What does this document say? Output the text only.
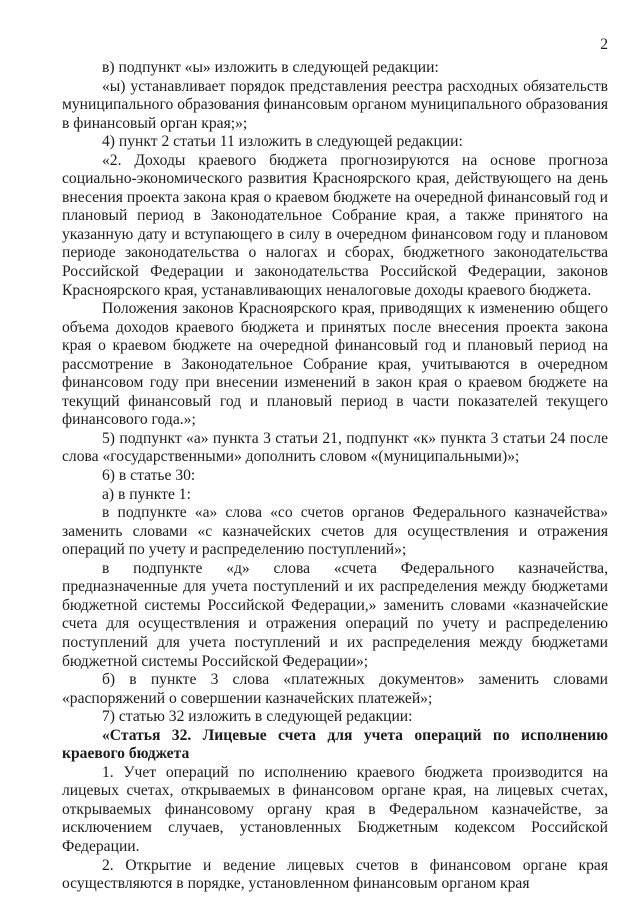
2

в) подпункт «ы» изложить в следующей редакции:

«ы) устанавливает порядок представления реестра расходных обязательств муниципального образования финансовым органом муниципального образования в финансовый орган края;»;

4) пункт 2 статьи 11 изложить в следующей редакции:

«2. Доходы краевого бюджета прогнозируются на основе прогноза социально-экономического развития Красноярского края, действующего на день внесения проекта закона края о краевом бюджете на очередной финансовый год и плановый период в Законодательное Собрание края, а также принятого на указанную дату и вступающего в силу в очередном финансовом году и плановом периоде законодательства о налогах и сборах, бюджетного законодательства Российской Федерации и законодательства Российской Федерации, законов Красноярского края, устанавливающих неналоговые доходы краевого бюджета.

Положения законов Красноярского края, приводящих к изменению общего объема доходов краевого бюджета и принятых после внесения проекта закона края о краевом бюджете на очередной финансовый год и плановый период на рассмотрение в Законодательное Собрание края, учитываются в очередном финансовом году при внесении изменений в закон края о краевом бюджете на текущий финансовый год и плановый период в части показателей текущего финансового года.»;

5) подпункт «а» пункта 3 статьи 21, подпункт «к» пункта 3 статьи 24 после слова «государственными» дополнить словом «(муниципальными)»;

6) в статье 30:

а) в пункте 1:

в подпункте «а» слова «со счетов органов Федерального казначейства» заменить словами «с казначейских счетов для осуществления и отражения операций по учету и распределению поступлений»;

в подпункте «д» слова «счета Федерального казначейства, предназначенные для учета поступлений и их распределения между бюджетами бюджетной системы Российской Федерации,» заменить словами «казначейские счета для осуществления и отражения операций по учету и распределению поступлений для учета поступлений и их распределения между бюджетами бюджетной системы Российской Федерации»;

б) в пункте 3 слова «платежных документов» заменить словами «распоряжений о совершении казначейских платежей»;

7) статью 32 изложить в следующей редакции:

«Статья 32. Лицевые счета для учета операций по исполнению краевого бюджета

1. Учет операций по исполнению краевого бюджета производится на лицевых счетах, открываемых в финансовом органе края, на лицевых счетах, открываемых финансовому органу края в Федеральном казначействе, за исключением случаев, установленных Бюджетным кодексом Российской Федерации.

2. Открытие и ведение лицевых счетов в финансовом органе края осуществляются в порядке, установленном финансовым органом края
